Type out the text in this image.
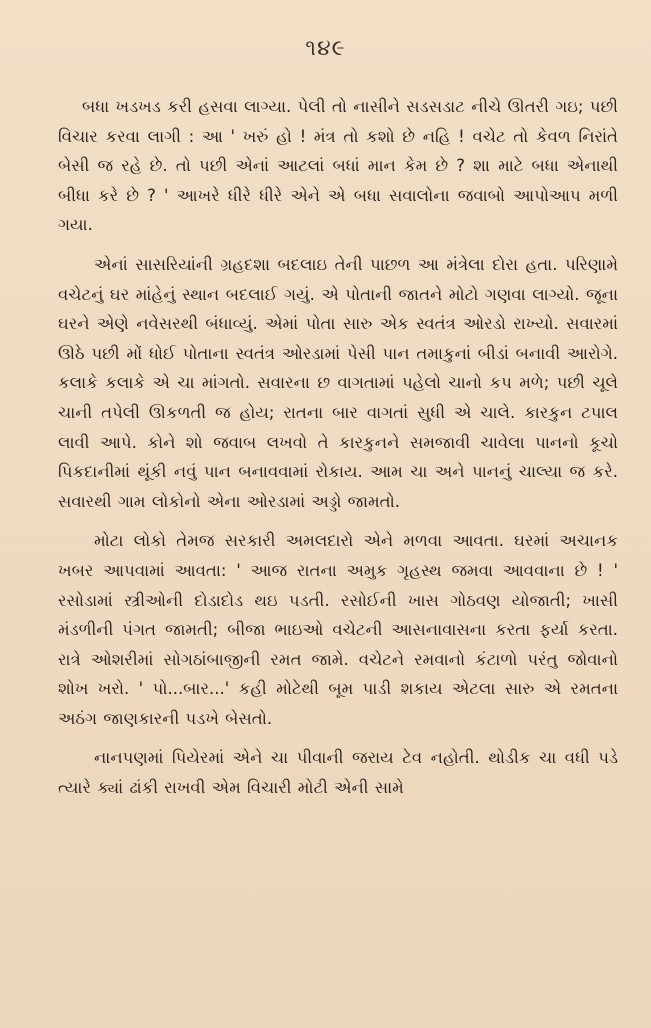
૧૪૯

બધા ખડખડ કરી હસવા લાગ્યા. પેલી તો નાસીને સડસડાટ નીચે ઊતરી ગઇ; પછી વિચાર કરવા લાગી : આ ' ખરું હો ! મંત્ર તો કશો છે નહિ ! વચેટ તો કેવળ નિરાંતે બેસી જ રહે છે. તો પછી એનાં આટલાં બધાં માન કેમ છે ? શા માટે બધા એનાથી બીધા કરે છે ? ' આખરે ધીરે ધીરે એને એ બધા સવાલોના જવાબો આપોઆપ મળી ગયા.

એનાં સાસરિયાંની ગ્રહદશા બદલાઇ તેની પાછળ આ મંત્રેલા દોરા હતા. પરિણામે વચેટનું ઘર માંહેનું સ્થાન બદલાઈ ગયું. એ પોતાની જાતને મોટો ગણવા લાગ્યો. જૂના ઘરને એણે નવેસરથી બંધાવ્યું. એમાં પોતા સારુ એક સ્વતંત્ર ઓરડો રાખ્યો. સવારમાં ઊઠે પછી મોં ધોઈ પોતાના સ્વતંત્ર ઓરડામાં પેસી પાન તમાકુનાં બીડાં બનાવી આરોગે. કલાકે કલાકે એ ચા માંગતો. સવારના છ વાગતામાં પહેલો ચાનો કપ મળે; પછી ચૂલે ચાની તપેલી ઊકળતી જ હોય; રાતના બાર વાગતાં સુધી એ ચાલે. કારકુન ટપાલ લાવી આપે. કોને શો જવાબ લખવો તે કારકુનને સમજાવી ચાવેલા પાનનો કૂચો પિકદાનીમાં થૂંકી નવું પાન બનાવવામાં રોકાય. આમ ચા અને પાનનું ચાલ્યા જ કરે. સવારથી ગામ લોકોનો એના ઓરડામાં અડ્ડો જામતો.

મોટા લોકો તેમજ સરકારી અમલદારો એને મળવા આવતા. ઘરમાં અચાનક ખબર આપવામાં આવતા: ' આજ રાતના અમુક ગૃહસ્થ જમવા આવવાના છે ! ' રસોડામાં સ્ત્રીઓની દોડાદોડ થઇ પડતી. રસોઈની ખાસ ગોઠવણ યોજાતી; ખાસી મંડળીની પંગત જામતી; બીજા ભાઇઓ વચેટની આસનાવાસના કરતા ફર્યા કરતા. રાત્રે ઓશરીમાં સોગઠાંબાજીની રમત જામે. વચેટને રમવાનો કંટાળો પરંતુ જોવાનો શોખ ખરો. ' પો...બાર...' કહી મોટેથી બૂમ પાડી શકાય એટલા સારુ એ રમતના અઠંગ જાણકારની પડખે બેસતો.

નાનપણમાં પિયેરમાં એને ચા પીવાની જરાય ટેવ નહોતી. થોડીક ચા વધી પડે ત્યારે ક્યાં ઢાંકી રાખવી એમ વિચારી મોટી એની સામે
